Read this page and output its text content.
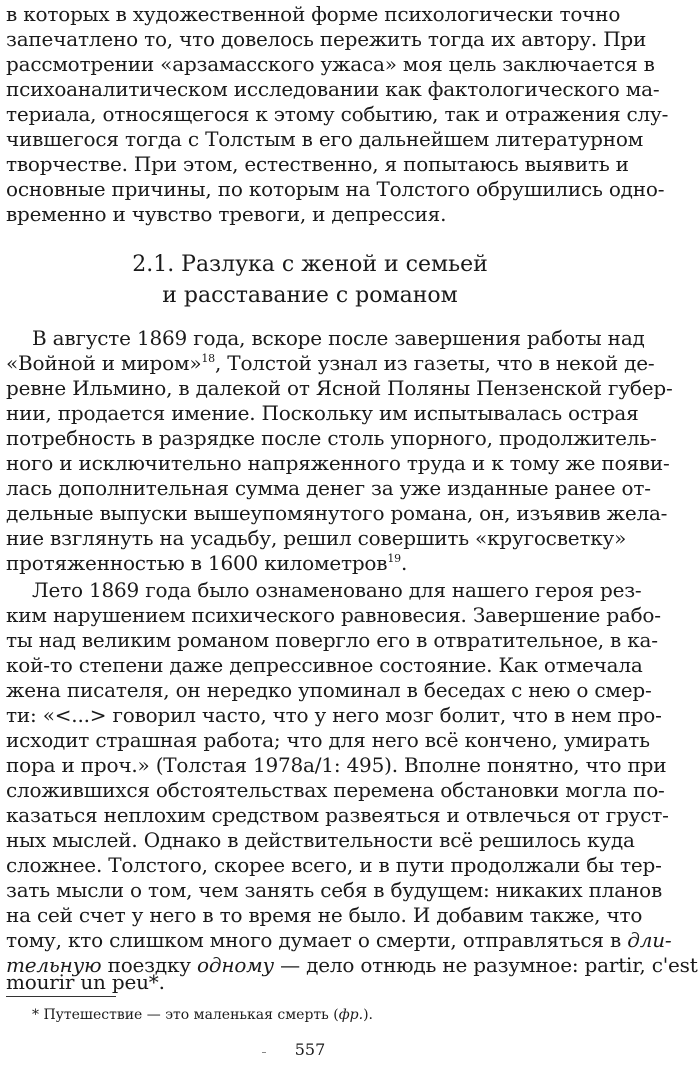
в которых в художественной форме психологически точно
запечатлено то, что довелось пережить тогда их автору. При
рассмотрении «арзамасского ужаса» моя цель заключается в
психоаналитическом исследовании как фактологического ма-
териала, относящегося к этому событию, так и отражения слу-
чившегося тогда с Толстым в его дальнейшем литературном
творчестве. При этом, естественно, я попытаюсь выявить и
основные причины, по которым на Толстого обрушились одно-
временно и чувство тревоги, и депрессия.
2.1. Разлука с женой и семьей
и расставание с романом
В августе 1869 года, вскоре после завершения работы над
«Войной и миром»$^{18}$, Толстой узнал из газеты, что в некой де-
ревне Ильмино, в далекой от Ясной Поляны Пензенской губер-
нии, продается имение. Поскольку им испытывалась острая
потребность в разрядке после столь упорного, продолжитель-
ного и исключительно напряженного труда и к тому же появи-
лась дополнительная сумма денег за уже изданные ранее от-
дельные выпуски вышеупомянутого романа, он, изъявив жела-
ние взглянуть на усадьбу, решил совершить «кругосветку»
протяженностью в 1600 километров$^{19}$.
Лето 1869 года было ознаменовано для нашего героя рез-
ким нарушением психического равновесия. Завершение рабо-
ты над великим романом повергло его в отвратительное, в ка-
кой-то степени даже депрессивное состояние. Как отмечала
жена писателя, он нередко упоминал в беседах с нею о смер-
ти: «<...> говорил часто, что у него мозг болит, что в нем про-
исходит страшная работа; что для него всё кончено, умирать
пора и проч.» (Толстая 1978а/1: 495). Вполне понятно, что при
сложившихся обстоятельствах перемена обстановки могла по-
казаться неплохим средством развеяться и отвлечься от груст-
ных мыслей. Однако в действительности всё решилось куда
сложнее. Толстого, скорее всего, и в пути продолжали бы тер-
зать мысли о том, чем занять себя в будущем: никаких планов
на сей счет у него в то время не было. И добавим также, что
тому, кто слишком много думает о смерти, отправляться в дли-
тельную поездку одному — дело отнюдь не разумное: partir, c'est
mourir un peu*.
* Путешествие — это маленькая смерть (фр.).
557
